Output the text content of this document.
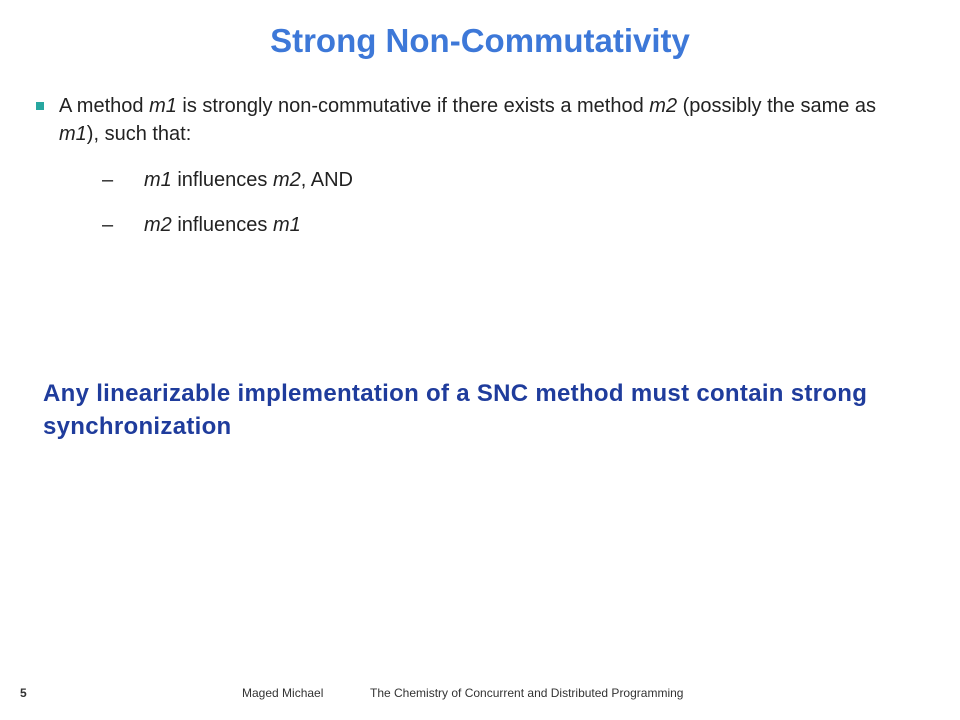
Strong Non-Commutativity
A method m1 is strongly non-commutative if there exists a method m2 (possibly the same as m1), such that:
– m1 influences m2, AND
– m2 influences m1
Any linearizable implementation of a SNC method must contain strong synchronization
5	Maged Michael	The Chemistry of Concurrent and Distributed Programming
